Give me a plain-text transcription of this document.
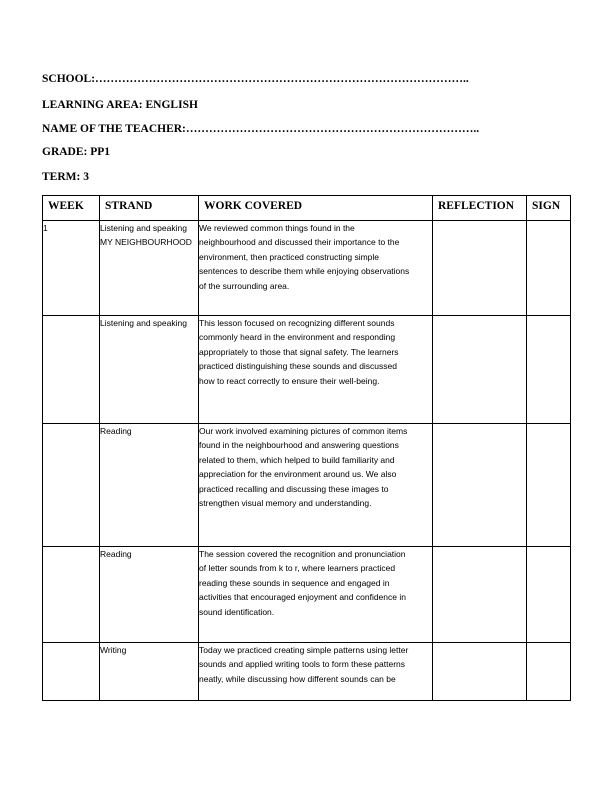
SCHOOL:……………………………………………………………………………………..
LEARNING AREA: ENGLISH
NAME OF THE TEACHER:…………………………………………………………………..
GRADE: PP1
TERM: 3
WEEK	STRAND	WORK COVERED	REFLECTION	SIGN
1	Listening and speaking MY NEIGHBOURHOOD	We reviewed common things found in the neighbourhood and discussed their importance to the environment, then practiced constructing simple sentences to describe them while enjoying observations of the surrounding area.		

	Listening and speaking	This lesson focused on recognizing different sounds commonly heard in the environment and responding appropriately to those that signal safety. The learners practiced distinguishing these sounds and discussed how to react correctly to ensure their well-being.		

	Reading	Our work involved examining pictures of common items found in the neighbourhood and answering questions related to them, which helped to build familiarity and appreciation for the environment around us. We also practiced recalling and discussing these images to strengthen visual memory and understanding.		

	Reading	The session covered the recognition and pronunciation of letter sounds from k to r, where learners practiced reading these sounds in sequence and engaged in activities that encouraged enjoyment and confidence in sound identification.		

	Writing	Today we practiced creating simple patterns using letter sounds and applied writing tools to form these patterns neatly, while discussing how different sounds can be		
